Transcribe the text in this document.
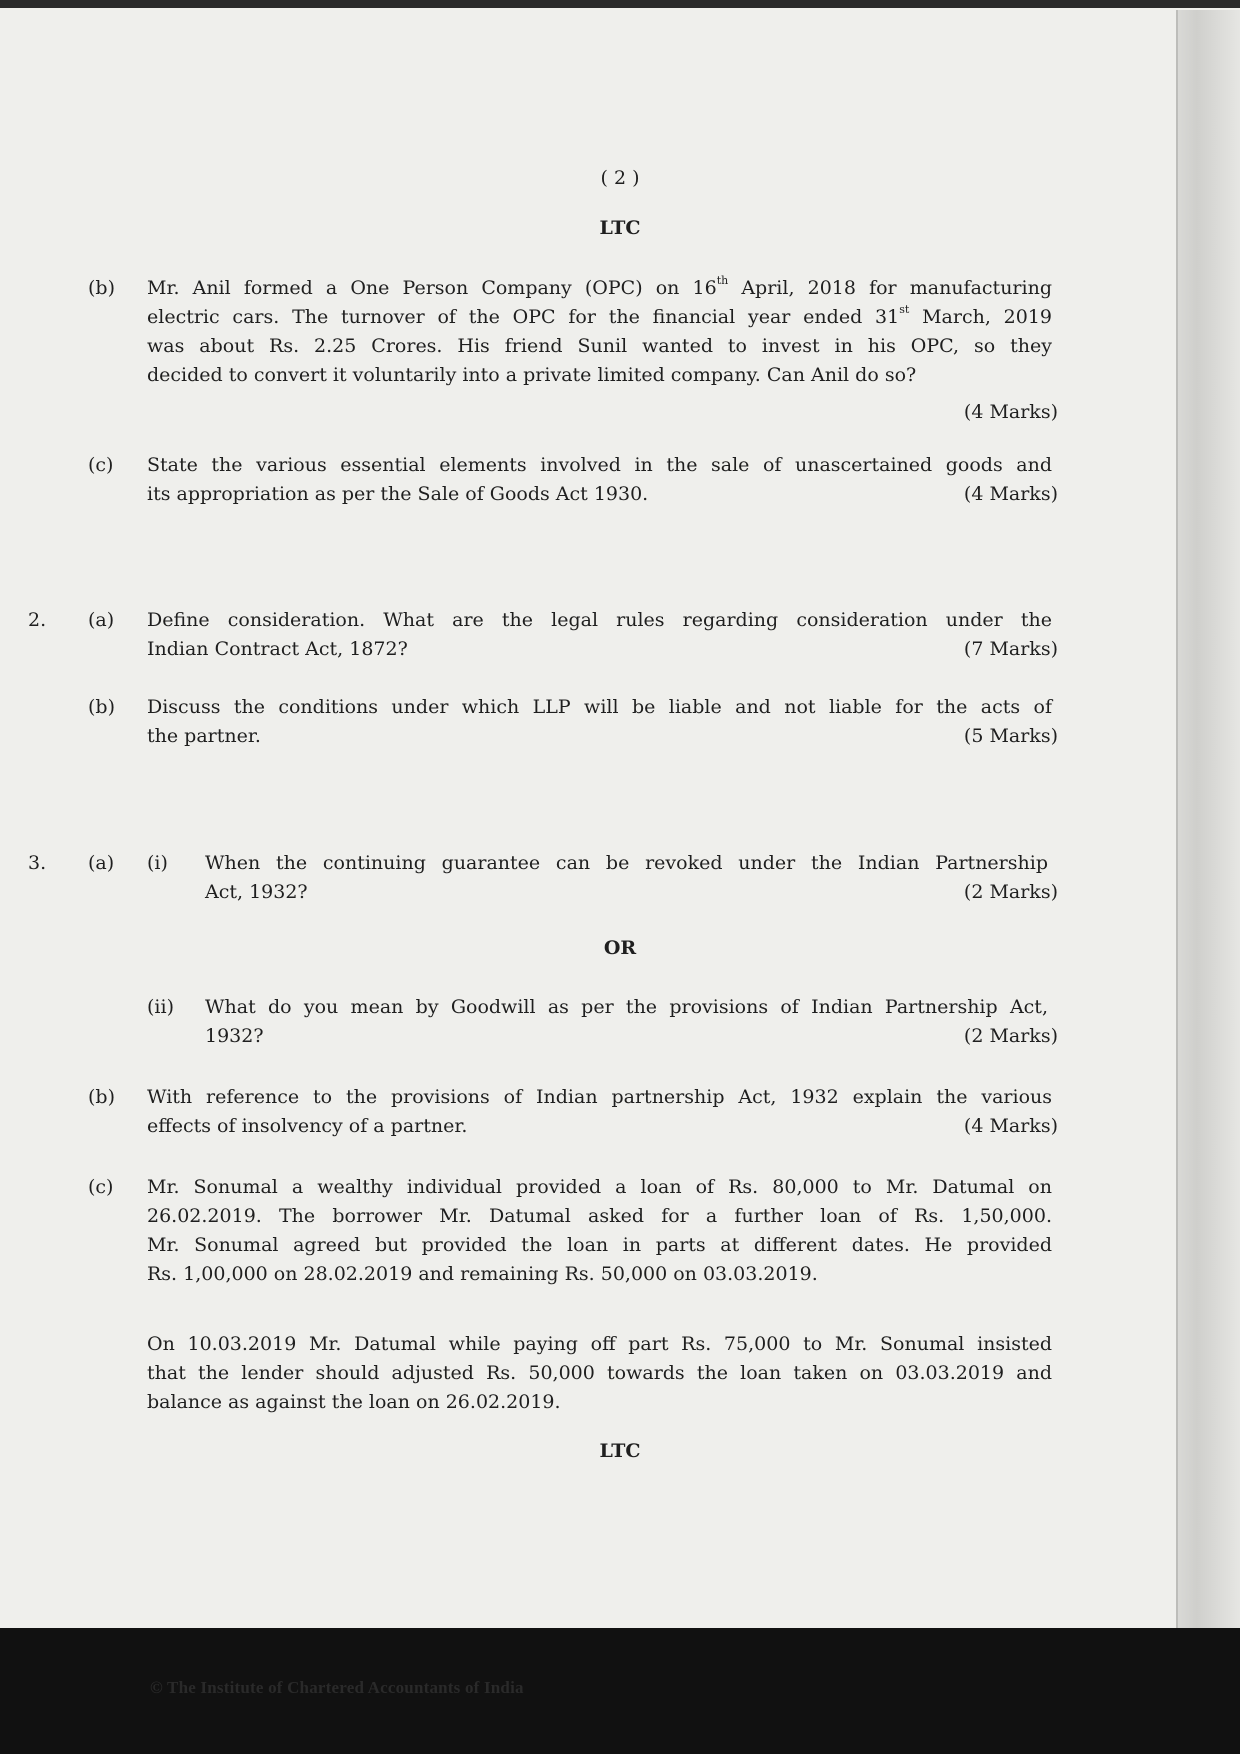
© The Institute of Chartered Accountants of India
( 2 )
LTC
(b) Mr. Anil formed a One Person Company (OPC) on 16th April, 2018 for manufacturing
electric cars. The turnover of the OPC for the financial year ended 31st March, 2019
was about Rs. 2.25 Crores. His friend Sunil wanted to invest in his OPC, so they
decided to convert it voluntarily into a private limited company. Can Anil do so?
(4 Marks)
(c) State the various essential elements involved in the sale of unascertained goods and
its appropriation as per the Sale of Goods Act 1930.	(4 Marks)
2. (a) Define consideration. What are the legal rules regarding consideration under the
Indian Contract Act, 1872?	(7 Marks)
(b) Discuss the conditions under which LLP will be liable and not liable for the acts of
the partner.	(5 Marks)
3. (a) (i) When the continuing guarantee can be revoked under the Indian Partnership
Act, 1932?	(2 Marks)
OR
(ii) What do you mean by Goodwill as per the provisions of Indian Partnership Act,
1932?	(2 Marks)
(b) With reference to the provisions of Indian partnership Act, 1932 explain the various
effects of insolvency of a partner.	(4 Marks)
(c) Mr. Sonumal a wealthy individual provided a loan of Rs. 80,000 to Mr. Datumal on
26.02.2019. The borrower Mr. Datumal asked for a further loan of Rs. 1,50,000.
Mr. Sonumal agreed but provided the loan in parts at different dates. He provided
Rs. 1,00,000 on 28.02.2019 and remaining Rs. 50,000 on 03.03.2019.
On 10.03.2019 Mr. Datumal while paying off part Rs. 75,000 to Mr. Sonumal insisted
that the lender should adjusted Rs. 50,000 towards the loan taken on 03.03.2019 and
balance as against the loan on 26.02.2019.
LTC
